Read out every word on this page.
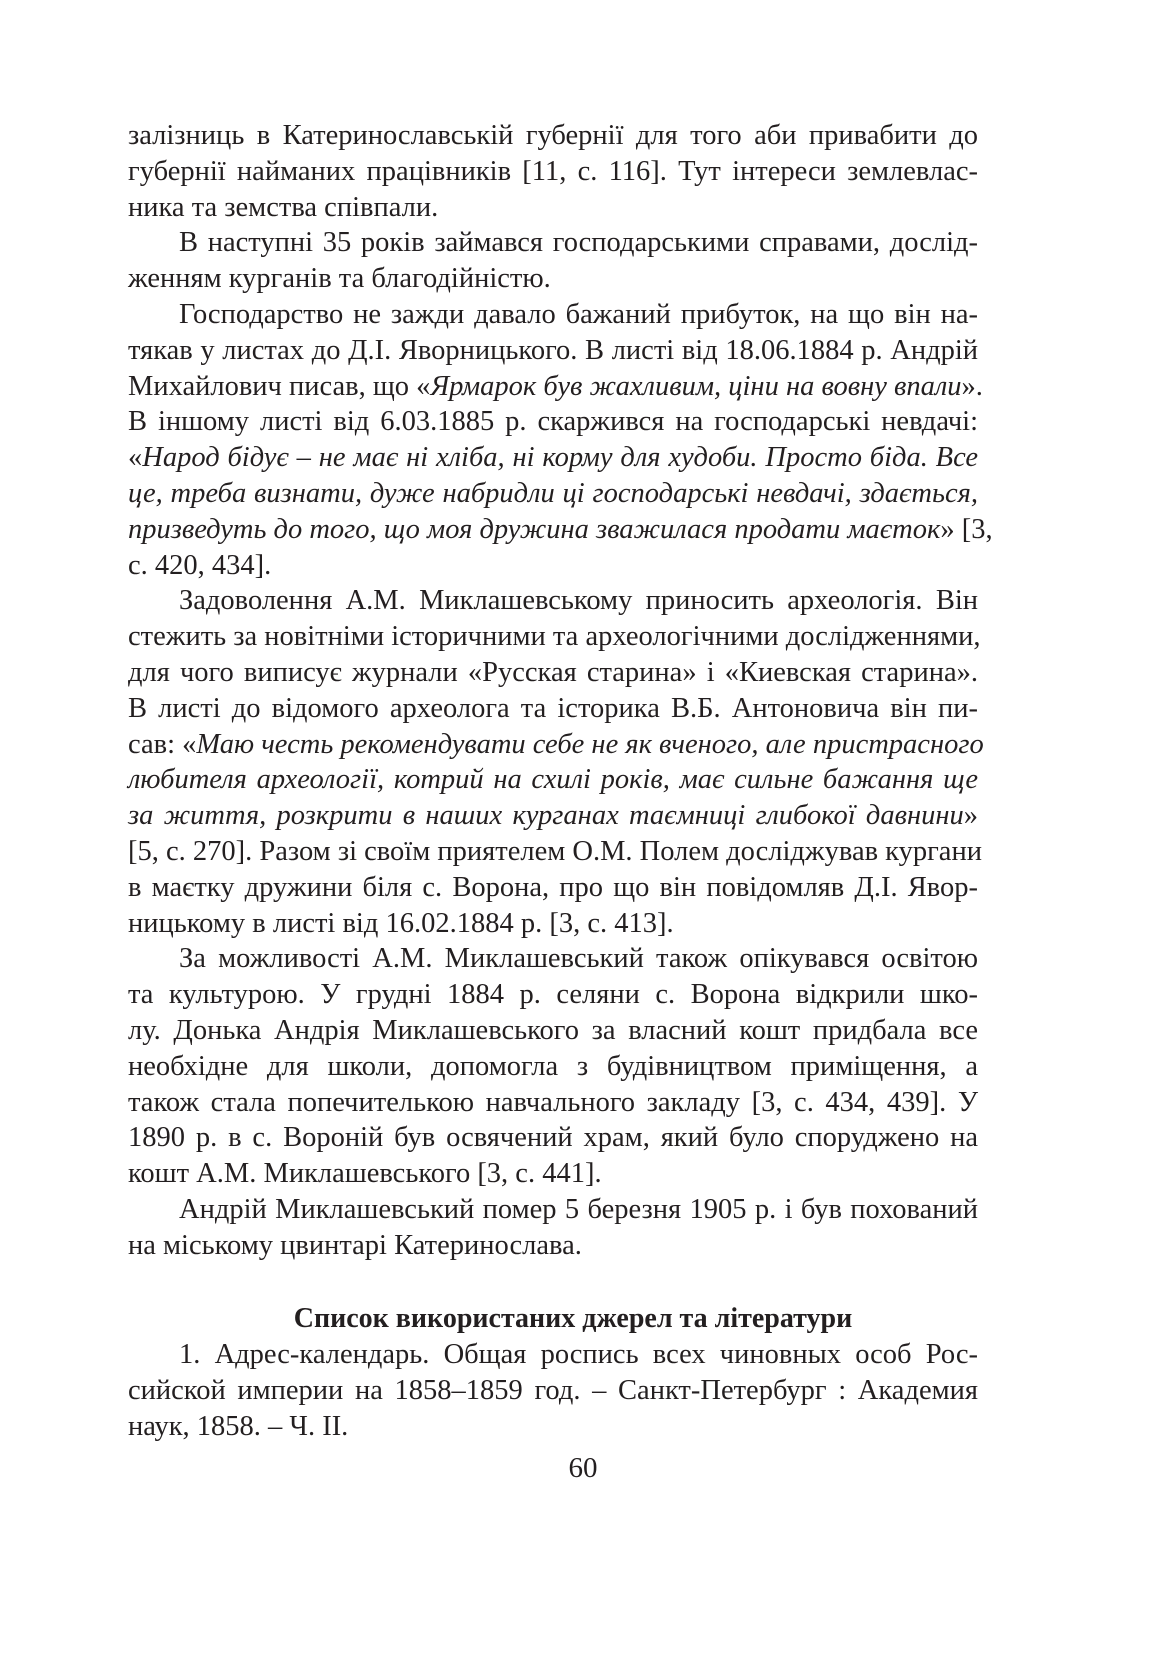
залізниць в Катеринославській губернії для того аби привабити до
губернії найманих працівників [11, с. 116]. Тут інтереси землевлас-
ника та земства співпали.
В наступні 35 років займався господарськими справами, дослід-
женням курганів та благодійністю.
Господарство не зажди давало бажаний прибуток, на що він на-
тякав у листах до Д.І. Яворницького. В листі від 18.06.1884 р. Андрій
Михайлович писав, що «Ярмарок був жахливим, ціни на вовну впали».
В іншому листі від 6.03.1885 р. скаржився на господарські невдачі:
«Народ бідує – не має ні хліба, ні корму для худоби. Просто біда. Все
це, треба визнати, дуже набридли ці господарські невдачі, здається,
призведуть до того, що моя дружина зважилася продати маєток» [3,
с. 420, 434].
Задоволення А.М. Миклашевському приносить археологія. Він
стежить за новітніми історичними та археологічними дослідженнями,
для чого виписує журнали «Русская старина» і «Киевская старина».
В листі до відомого археолога та історика В.Б. Антоновича він пи-
сав: «Маю честь рекомендувати себе не як вченого, але пристрасного
любителя археології, котрий на схилі років, має сильне бажання ще
за життя, розкрити в наших курганах таємниці глибокої давнини»
[5, с. 270]. Разом зі своїм приятелем О.М. Полем досліджував кургани
в маєтку дружини біля с. Ворона, про що він повідомляв Д.І. Явор-
ницькому в листі від 16.02.1884 р. [3, с. 413].
За можливості А.М. Миклашевський також опікувався освітою
та культурою. У грудні 1884 р. селяни с. Ворона відкрили шко-
лу. Донька Андрія Миклашевського за власний кошт придбала все
необхідне для школи, допомогла з будівництвом приміщення, а
також стала попечителькою навчального закладу [3, с. 434, 439]. У
1890 р. в с. Вороній був освячений храм, який було споруджено на
кошт А.М. Миклашевського [3, с. 441].
Андрій Миклашевський помер 5 березня 1905 р. і був похований
на міському цвинтарі Катеринослава.
Список використаних джерел та літератури
1. Адрес-календарь. Общая роспись всех чиновных особ Рос-
сийской империи на 1858–1859 год. – Санкт-Петербург : Академия
наук, 1858. – Ч. ІІ.
60
